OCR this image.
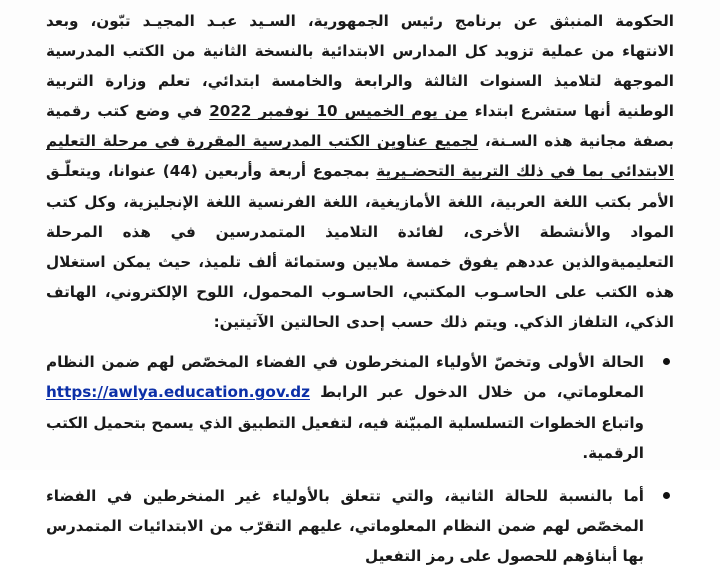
الحكومة المنبثق عن برنامج رئيس الجمهورية، السـيد عبـد المجيـد تبّون، وبعد الانتهاء من عملية تزويد كل المدارس الابتدائية بالنسخة الثانية من الكتب المدرسية الموجهة لتلاميذ السنوات الثالثة والرابعة والخامسة ابتدائي، تعلم وزارة التربية الوطنية أنها ستشرع ابتداء من يوم الخميس 10 نوفمبر 2022 في وضع كتب رقمية بصفة مجانية هذه السـنة، لجميع عناوين الكتب المدرسية المقررة في مرحلة التعليم الابتدائي بما في ذلك التربية التحضـيرية بمجموع أربعة وأربعين (44) عنوانا، ويتعلّـق الأمر بكتب اللغة العربية، اللغة الأمازيغية، اللغة الفرنسية اللغة الإنجليزية، وكل كتب المواد والأنشطة الأخرى، لفائدة التلاميذ المتمدرسين في هذه المرحلة التعليميةوالذين عددهم يفوق خمسة ملايين وستمائة ألف تلميذ، حيث يمكن استغلال هذه الكتب على الحاسـوب المكتبي، الحاسـوب المحمول، اللوح الإلكتروني، الهاتف الذكي، التلفاز الذكي. ويتم ذلك حسب إحدى الحالتين الآتيتين:

الحالة الأولى وتخصّ الأولياء المنخرطون في الفضاء المخصّص لهم ضمن النظام المعلوماتي، من خلال الدخول عبر الرابط https://awlya.education.gov.dz واتباع الخطوات التسلسلية المبيّنة فيه، لتفعيل التطبيق الذي يسمح بتحميل الكتب الرقمية.
أما بالنسبة للحالة الثانية، والتي تتعلق بالأولياء غير المنخرطين في الفضاء المخصّص لهم ضمن النظام المعلوماتي، عليهم التقرّب من الابتدائيات المتمدرس بها أبناؤهم للحصول على رمز التفعيل
